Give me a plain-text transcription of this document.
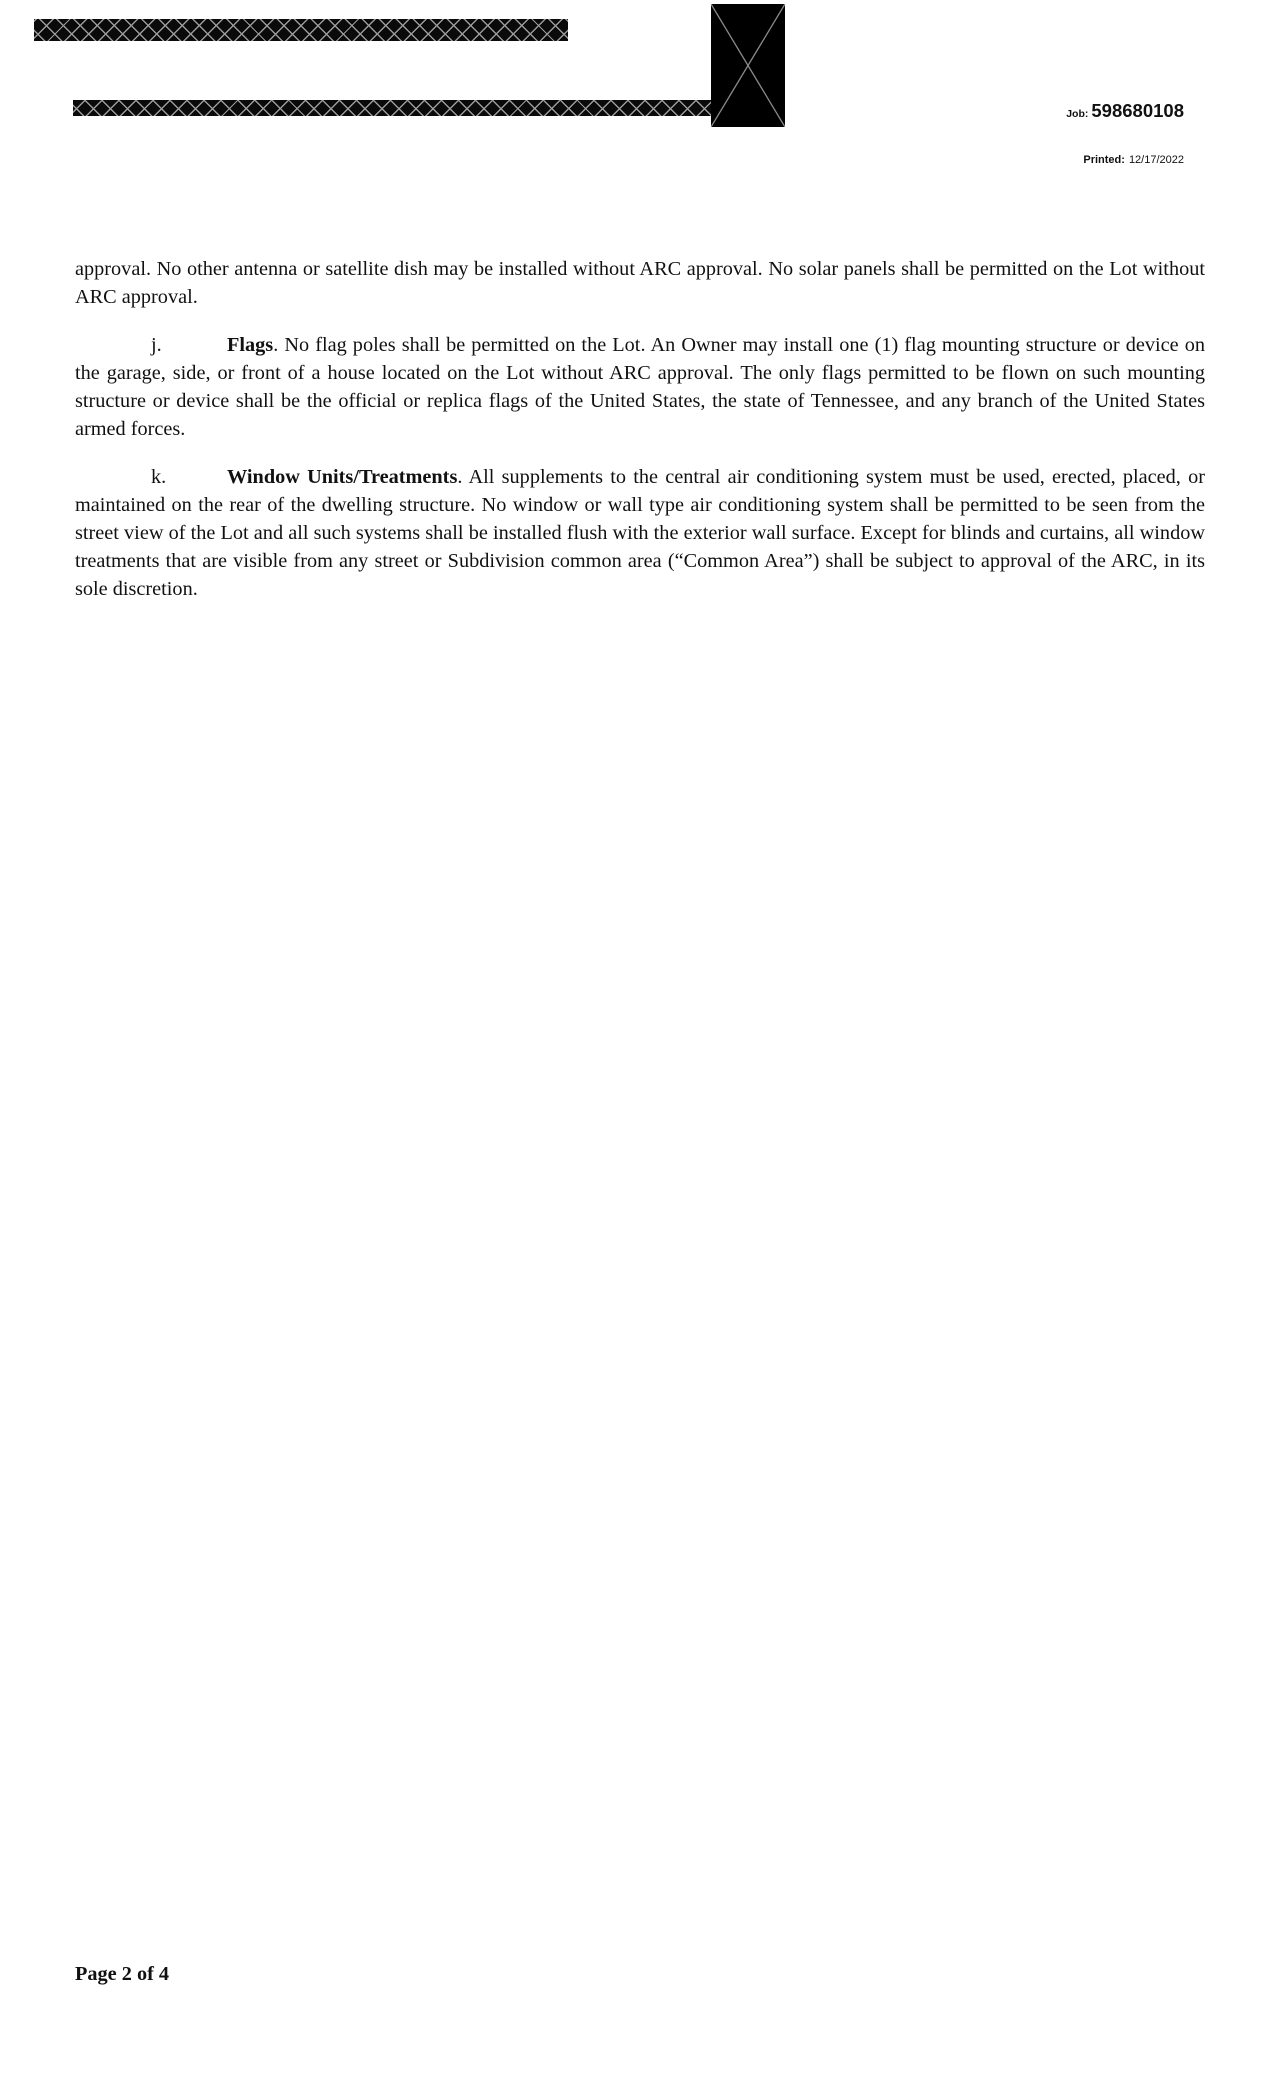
Job: 598680108
Printed: 12/17/2022

approval. No other antenna or satellite dish may be installed without ARC approval. No solar panels shall be permitted on the Lot without ARC approval.

j.	Flags. No flag poles shall be permitted on the Lot. An Owner may install one (1) flag mounting structure or device on the garage, side, or front of a house located on the Lot without ARC approval. The only flags permitted to be flown on such mounting structure or device shall be the official or replica flags of the United States, the state of Tennessee, and any branch of the United States armed forces.

k.	Window Units/Treatments. All supplements to the central air conditioning system must be used, erected, placed, or maintained on the rear of the dwelling structure. No window or wall type air conditioning system shall be permitted to be seen from the street view of the Lot and all such systems shall be installed flush with the exterior wall surface. Except for blinds and curtains, all window treatments that are visible from any street or Subdivision common area (“Common Area”) shall be subject to approval of the ARC, in its sole discretion.

Page 2 of 4
